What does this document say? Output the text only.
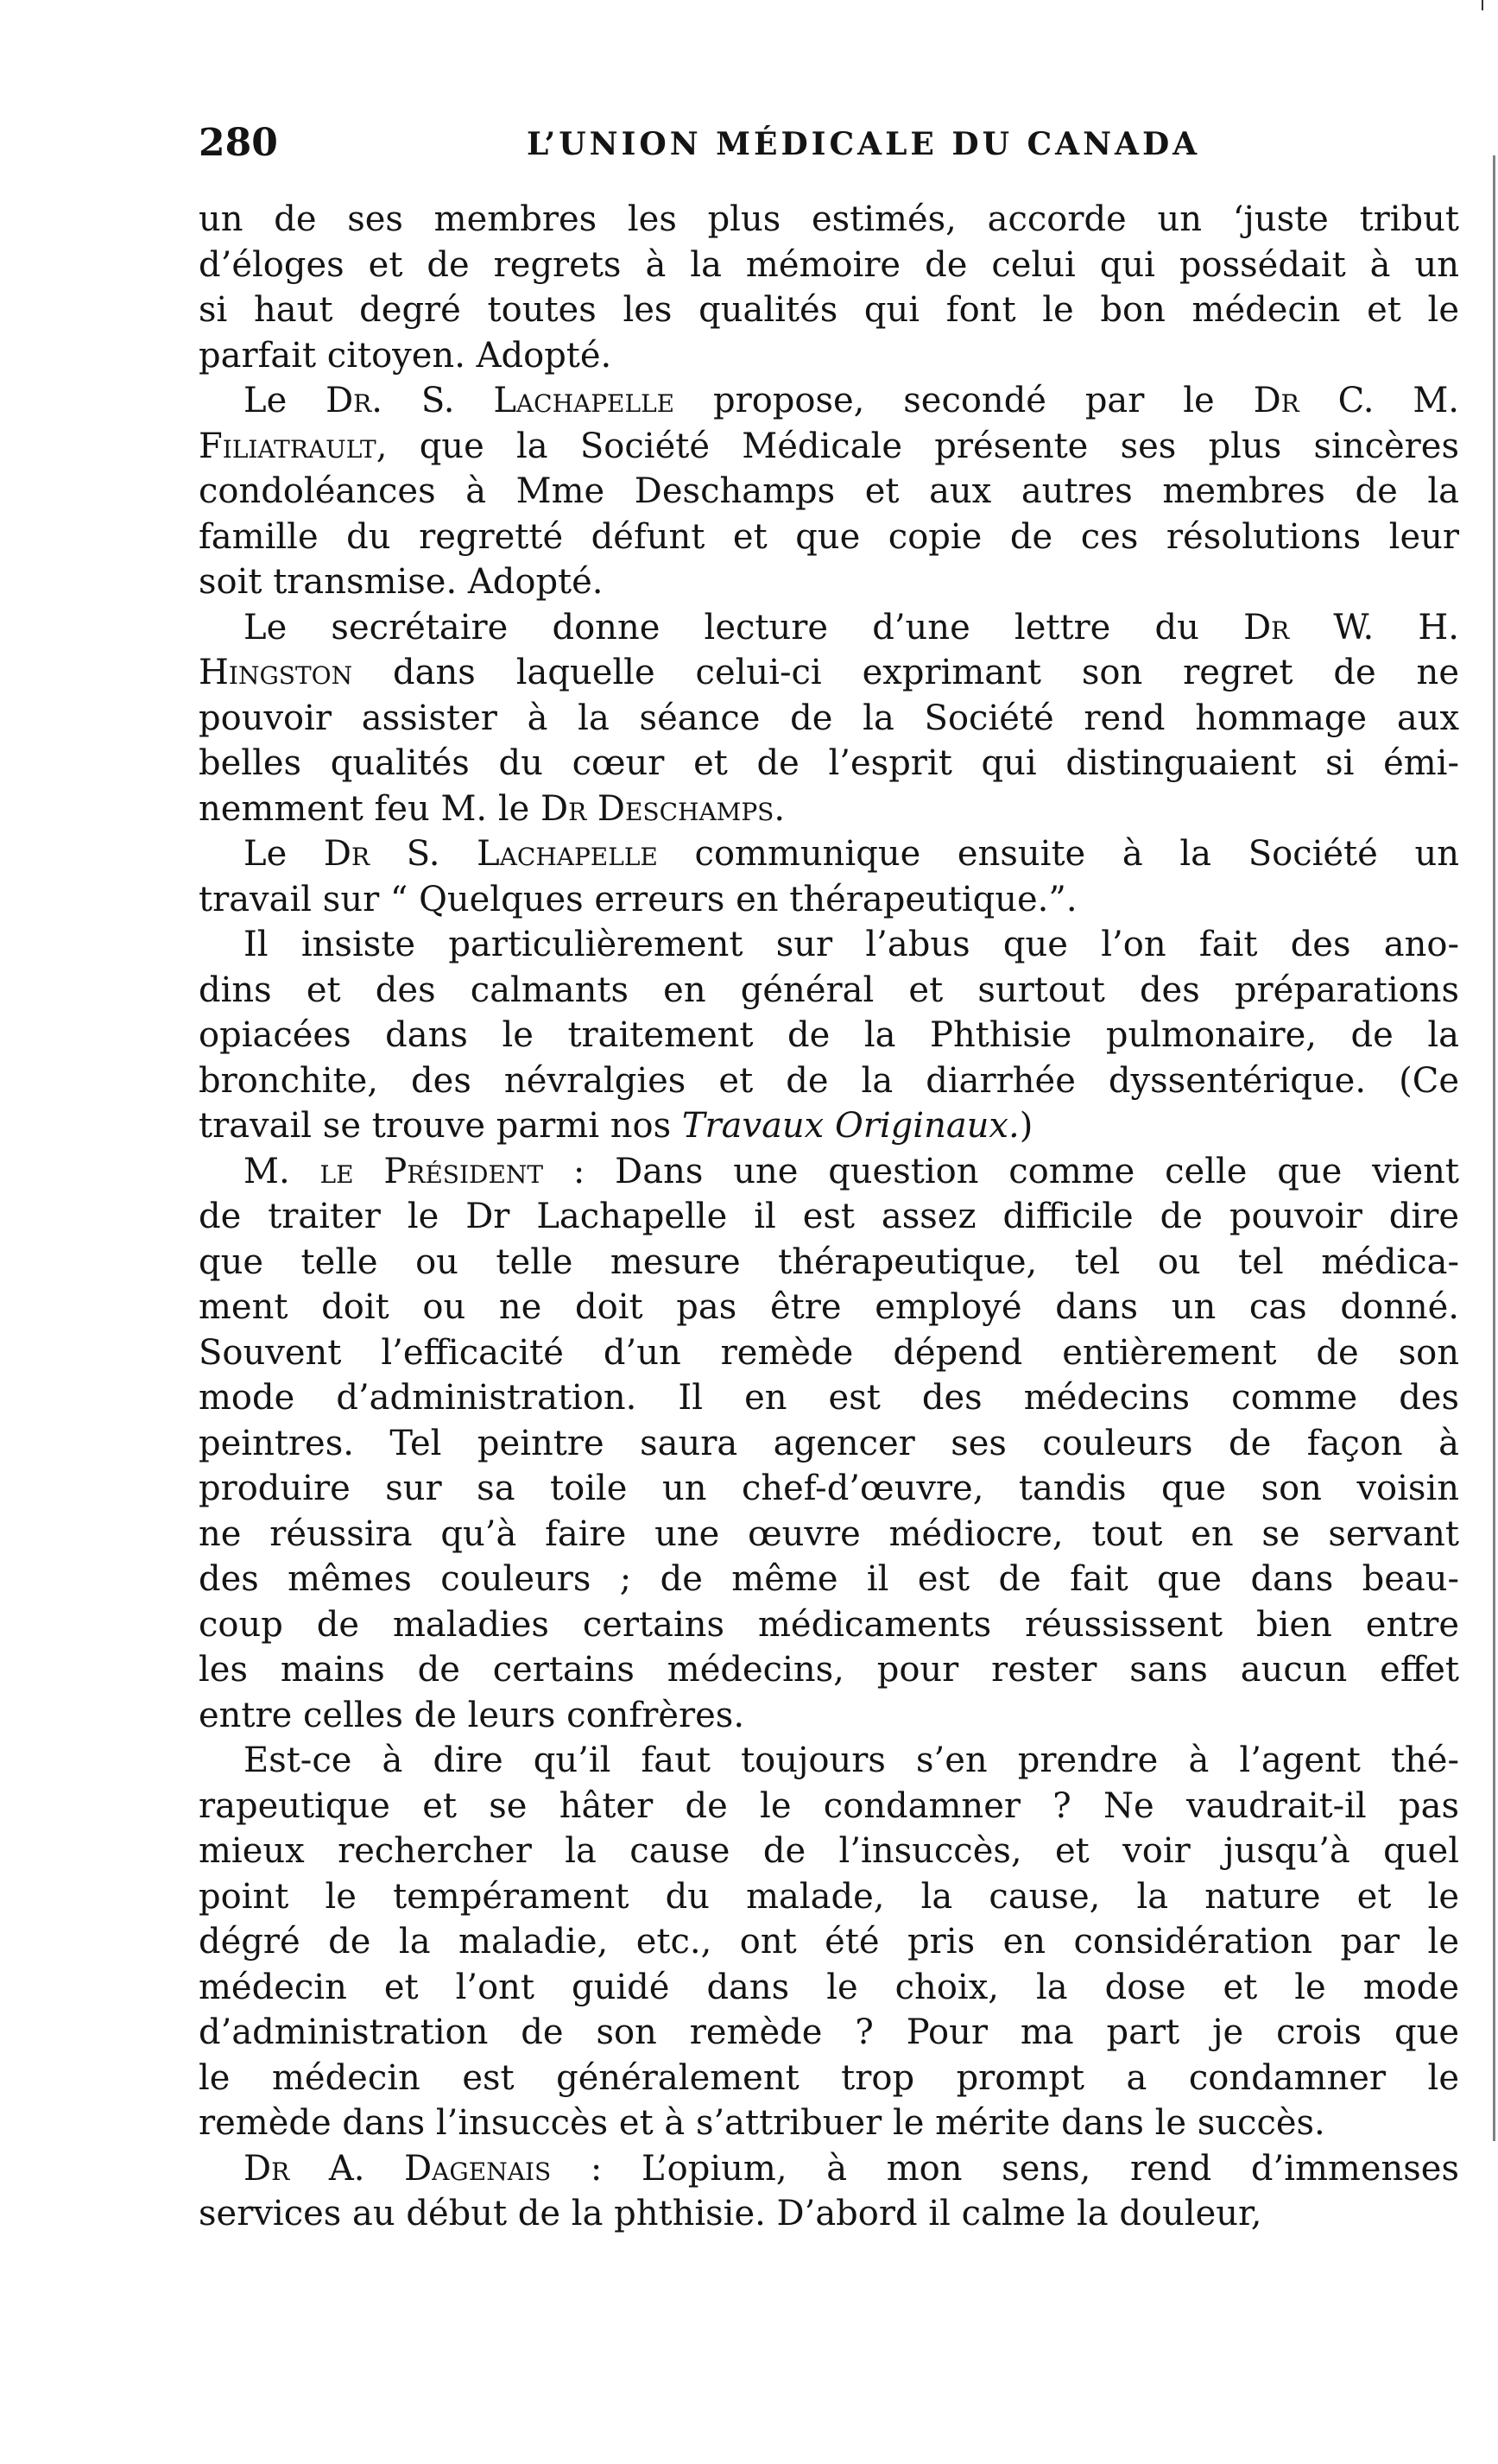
280	L’UNION MÉDICALE DU CANADA
un de ses membres les plus estimés, accorde un ‘juste tribut
d’éloges et de regrets à la mémoire de celui qui possédait à un
si haut degré toutes les qualités qui font le bon médecin et le
parfait citoyen. Adopté.
Le Dr. S. Lachapelle propose, secondé par le Dr C. M.
Filiatrault, que la Société Médicale présente ses plus sincères
condoléances à Mme Deschamps et aux autres membres de la
famille du regretté défunt et que copie de ces résolutions leur
soit transmise. Adopté.
Le secrétaire donne lecture d’une lettre du Dr W. H.
Hingston dans laquelle celui-ci exprimant son regret de ne
pouvoir assister à la séance de la Société rend hommage aux
belles qualités du cœur et de l’esprit qui distinguaient si émi-
nemment feu M. le Dr Deschamps.
Le Dr S. Lachapelle communique ensuite à la Société un
travail sur “ Quelques erreurs en thérapeutique.”.
Il insiste particulièrement sur l’abus que l’on fait des ano-
dins et des calmants en général et surtout des préparations
opiacées dans le traitement de la Phthisie pulmonaire, de la
bronchite, des névralgies et de la diarrhée dyssentérique. (Ce
travail se trouve parmi nos Travaux Originaux.)
M. le Président : Dans une question comme celle que vient
de traiter le Dr Lachapelle il est assez difficile de pouvoir dire
que telle ou telle mesure thérapeutique, tel ou tel médica-
ment doit ou ne doit pas être employé dans un cas donné.
Souvent l’efficacité d’un remède dépend entièrement de son
mode d’administration. Il en est des médecins comme des
peintres. Tel peintre saura agencer ses couleurs de façon à
produire sur sa toile un chef-d’œuvre, tandis que son voisin
ne réussira qu’à faire une œuvre médiocre, tout en se servant
des mêmes couleurs ; de même il est de fait que dans beau-
coup de maladies certains médicaments réussissent bien entre
les mains de certains médecins, pour rester sans aucun effet
entre celles de leurs confrères.
Est-ce à dire qu’il faut toujours s’en prendre à l’agent thé-
rapeutique et se hâter de le condamner ? Ne vaudrait-il pas
mieux rechercher la cause de l’insuccès, et voir jusqu’à quel
point le tempérament du malade, la cause, la nature et le
dégré de la maladie, etc., ont été pris en considération par le
médecin et l’ont guidé dans le choix, la dose et le mode
d’administration de son remède ? Pour ma part je crois que
le médecin est généralement trop prompt a condamner le
remède dans l’insuccès et à s’attribuer le mérite dans le succès.
Dr A. Dagenais : L’opium, à mon sens, rend d’immenses
services au début de la phthisie. D’abord il calme la douleur,
